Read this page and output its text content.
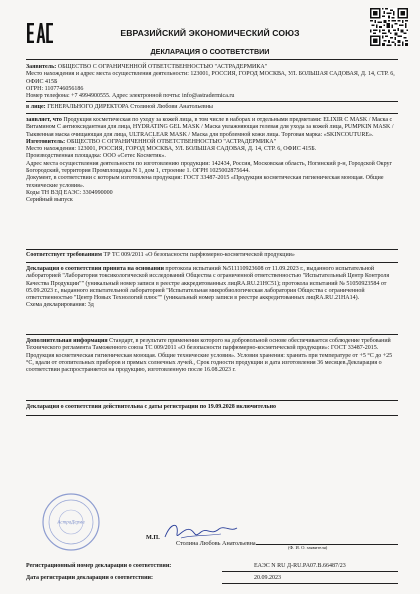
ЕВРАЗИЙСКИЙ ЭКОНОМИЧЕСКИЙ СОЮЗ
ДЕКЛАРАЦИЯ О СООТВЕТСТВИИ
Заявитель: ОБЩЕСТВО С ОГРАНИЧЕННОЙ ОТВЕТСТВЕННОСТЬЮ "АСТРАДЕРМИКА"
Место нахождения и адрес места осуществления деятельности: 123001, РОССИЯ, ГОРОД МОСКВА, УЛ. БОЛЬШАЯ САДОВАЯ, Д. 14, СТР. 6, ОФИС 415Б
ОГРН: 1107746056186
Номер телефона: +7 4994900555. Адрес электронной почты: info@astradermica.ru
в лице: ГЕНЕРАЛЬНОГО ДИРЕКТОРА Столиной Любови Анатольевны
заявляет, что Продукция косметическая по уходу за кожей лица, в том числе в наборах и отдельными предметами: ELIXIR C MASK / Маска с Витамином C антиоксидантная для лица, HYDRATING GEL MASK / Маска увлажняющая гелевая для ухода за кожей лица, PUMPKIN MASK / Тыквенная маска очищающая для лица, ULTRACLEAR MASK / Маска для проблемной кожи лица. Торговая марка: «SKINCOUTURE».
Изготовитель: ОБЩЕСТВО С ОГРАНИЧЕННОЙ ОТВЕТСТВЕННОСТЬЮ "АСТРАДЕРМИКА"
Место нахождения: 123001, РОССИЯ, ГОРОД МОСКВА, УЛ. БОЛЬШАЯ САДОВАЯ, Д. 14, СТР. 6, ОФИС 415Б.
Производственная площадка: ООО «Сетес Косметик».
Адрес места осуществления деятельности по изготовлению продукции: 142434, Россия, Московская область, Ногинский р-н, Городской Округ Богородский, территория Промплощадка N 1, дом 1, строение 1. ОГРН 1025002875644.
Документ, в соответствии с которым изготовлена продукция: ГОСТ 33487-2015 «Продукция косметическая гигиеническая моющая. Общие технические условия».
Коды ТН ВЭД ЕАЭС: 3304990000
Серийный выпуск
Соответствует требованиям ТР ТС 009/2011 «О безопасности парфюмерно-косметической продукции»
Декларация о соответствии принята на основании протокола испытаний №511110923608 от 11.09.2023 г., выданного испытательной лабораторией "Лаборатория токсикологической исследований Общества с ограниченной ответственностью "Испытательный Центр Контроля Качества Продукции"" (уникальный номер записи в реестре аккредитованных лицRA.RU.21HC51); протокола испытаний № 51050923584 от 05.09.2023 г., выданного испытательной лабораторией "Испытательная микробиологическая лаборатория Общества с ограниченной ответственностью "Центр Новых Технологий плюс"" (уникальный номер записи в реестре аккредитованных лицRA.RU.21HA14).
Схема декларирования: 3д
Дополнительная информация Стандарт, в результате применения которого на добровольной основе обеспечивается соблюдение требований Технического регламента Таможенного союза ТС 009/2011 «О безопасности парфюмерно-косметической продукции»: ГОСТ 33487-2015. Продукция косметическая гигиеническая моющая. Общие технические условия». Условия хранения: хранить при температуре от +5 °С до +25 °С, вдали от отопительных приборов и прямых солнечных лучей., Срок годности продукции и дата изготовления 36 месяцев.Декларация о соответствии распространяется на продукцию, изготовленную после 16.08.2023 г.
Декларация о соответствии действительна с даты регистрации по 19.09.2028 включительно
АстраДерма
М.П.
Столина Любовь Анатольевна
(Ф. И. О. заявителя)
Регистрационный номер декларации о соответствии:	ЕАЭС N RU Д-RU.PA07.B.66487/23
Дата регистрации декларации о соответствии:	20.09.2023
